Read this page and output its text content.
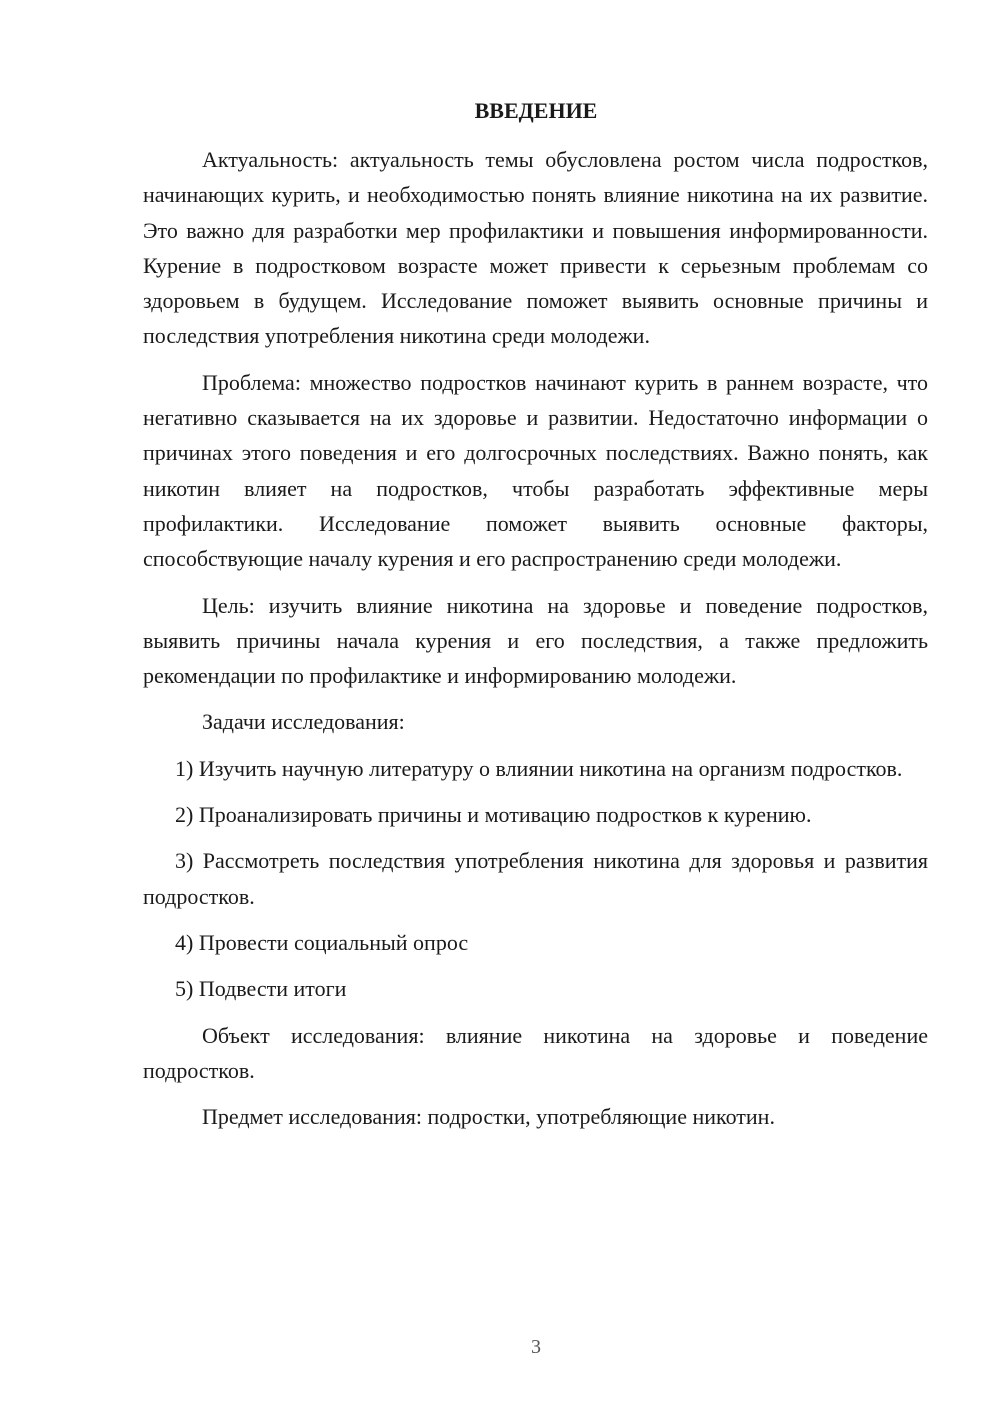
ВВЕДЕНИЕ

Актуальность: актуальность темы обусловлена ростом числа подростков, начинающих курить, и необходимостью понять влияние никотина на их развитие. Это важно для разработки мер профилактики и повышения информированности. Курение в подростковом возрасте может привести к серьезным проблемам со здоровьем в будущем. Исследование поможет выявить основные причины и последствия употребления никотина среди молодежи.

Проблема: множество подростков начинают курить в раннем возрасте, что негативно сказывается на их здоровье и развитии. Недостаточно информации о причинах этого поведения и его долгосрочных последствиях. Важно понять, как никотин влияет на подростков, чтобы разработать эффективные меры профилактики. Исследование поможет выявить основные факторы, способствующие началу курения и его распространению среди молодежи.

Цель: изучить влияние никотина на здоровье и поведение подростков, выявить причины начала курения и его последствия, а также предложить рекомендации по профилактике и информированию молодежи.

Задачи исследования:

1) Изучить научную литературу о влиянии никотина на организм подростков.

2) Проанализировать причины и мотивацию подростков к курению.

3) Рассмотреть последствия употребления никотина для здоровья и развития подростков.

4) Провести социальный опрос

5) Подвести итоги

Объект исследования: влияние никотина на здоровье и поведение подростков.

Предмет исследования: подростки, употребляющие никотин.

3
